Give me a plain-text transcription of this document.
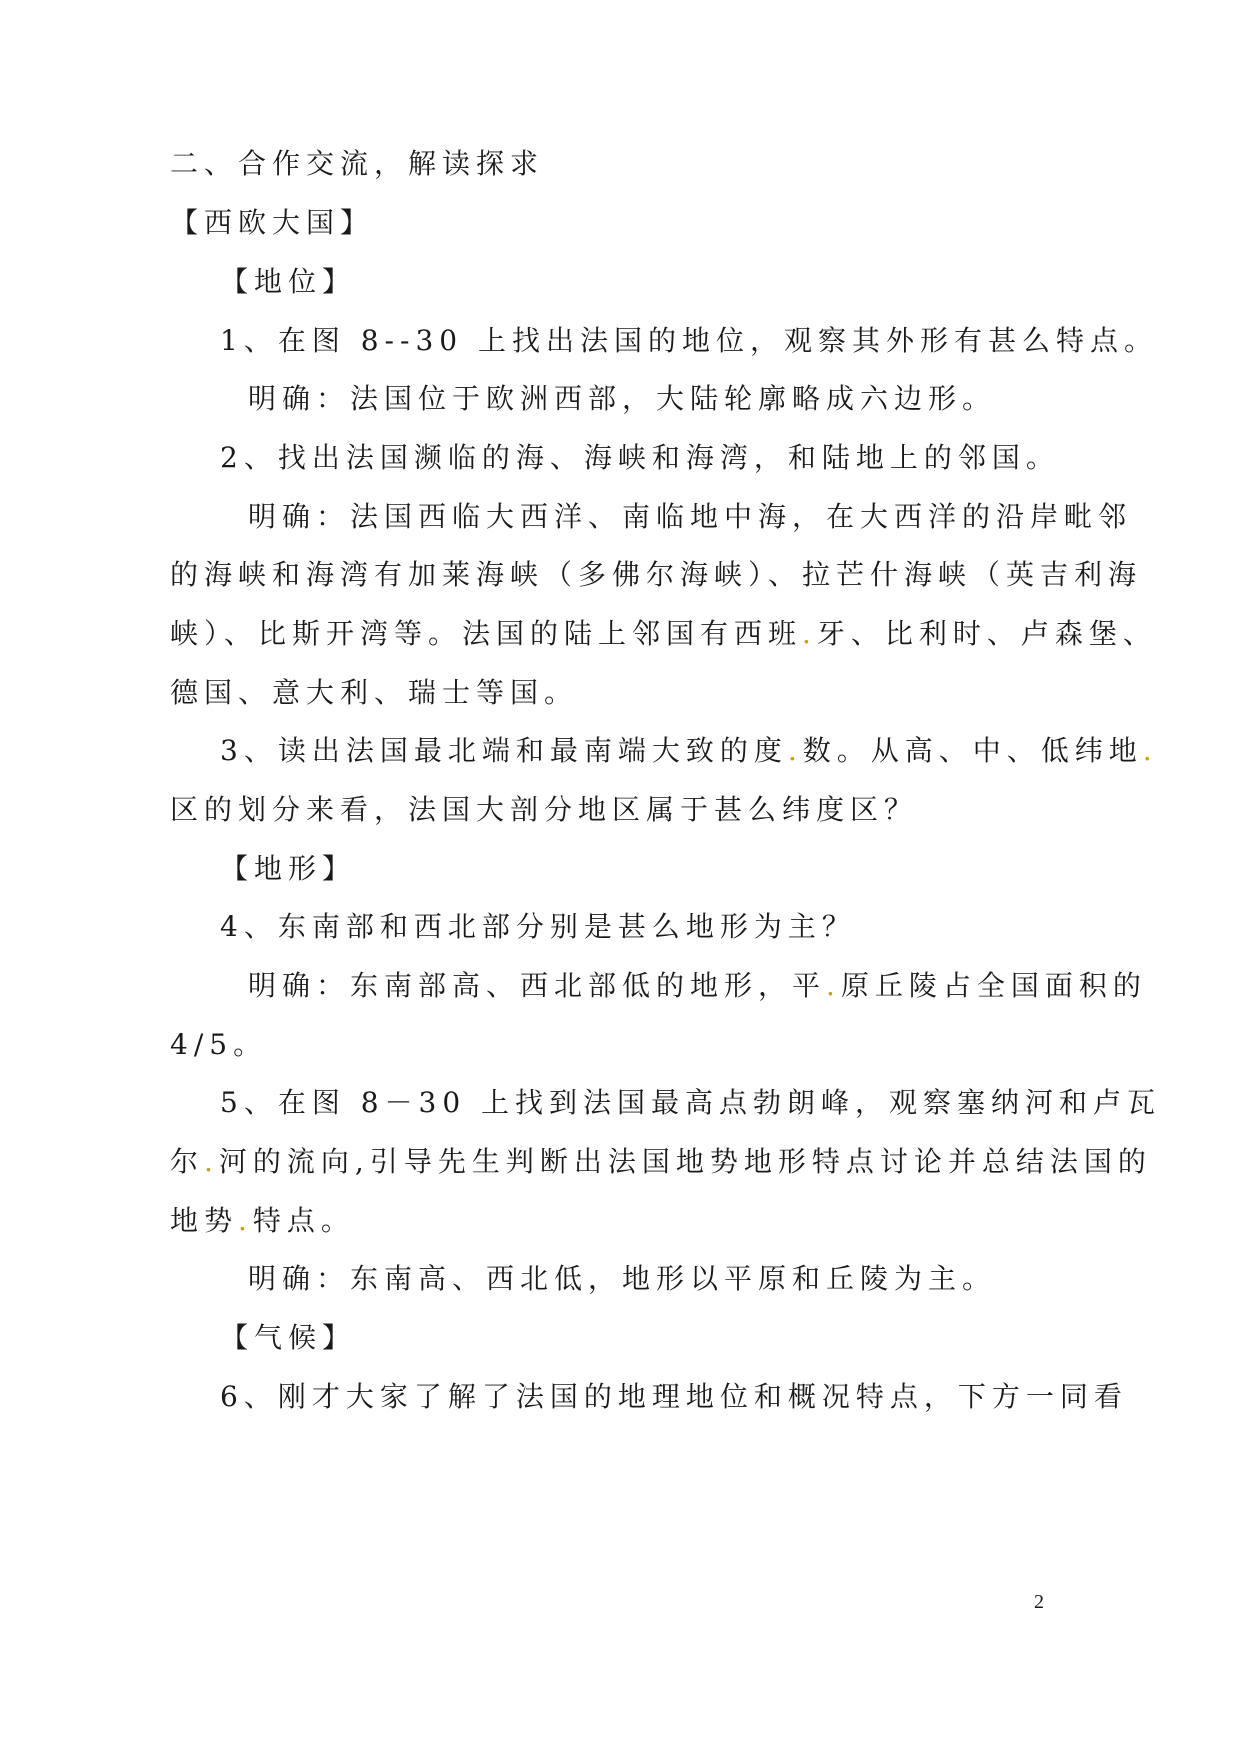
二、合作交流，解读探求
【西欧大国】
【地位】
1、在图 8--30 上找出法国的地位，观察其外形有甚么特点。
明确：法国位于欧洲西部，大陆轮廓略成六边形。
2、找出法国濒临的海、海峡和海湾，和陆地上的邻国。
明确：法国西临大西洋、南临地中海，在大西洋的沿岸毗邻
的海峡和海湾有加莱海峡（多佛尔海峡）、拉芒什海峡（英吉利海
峡）、比斯开湾等。法国的陆上邻国有西班.牙、比利时、卢森堡、
德国、意大利、瑞士等国。
3、读出法国最北端和最南端大致的度.数。从高、中、低纬地.
区的划分来看，法国大剖分地区属于甚么纬度区？
【地形】
4、东南部和西北部分别是甚么地形为主？
明确：东南部高、西北部低的地形，平.原丘陵占全国面积的
4/5。
5、在图 8－30 上找到法国最高点勃朗峰，观察塞纳河和卢瓦
尔.河的流向,引导先生判断出法国地势地形特点讨论并总结法国的
地势.特点。
明确：东南高、西北低，地形以平原和丘陵为主。
【气候】
6、刚才大家了解了法国的地理地位和概况特点，下方一同看
2
